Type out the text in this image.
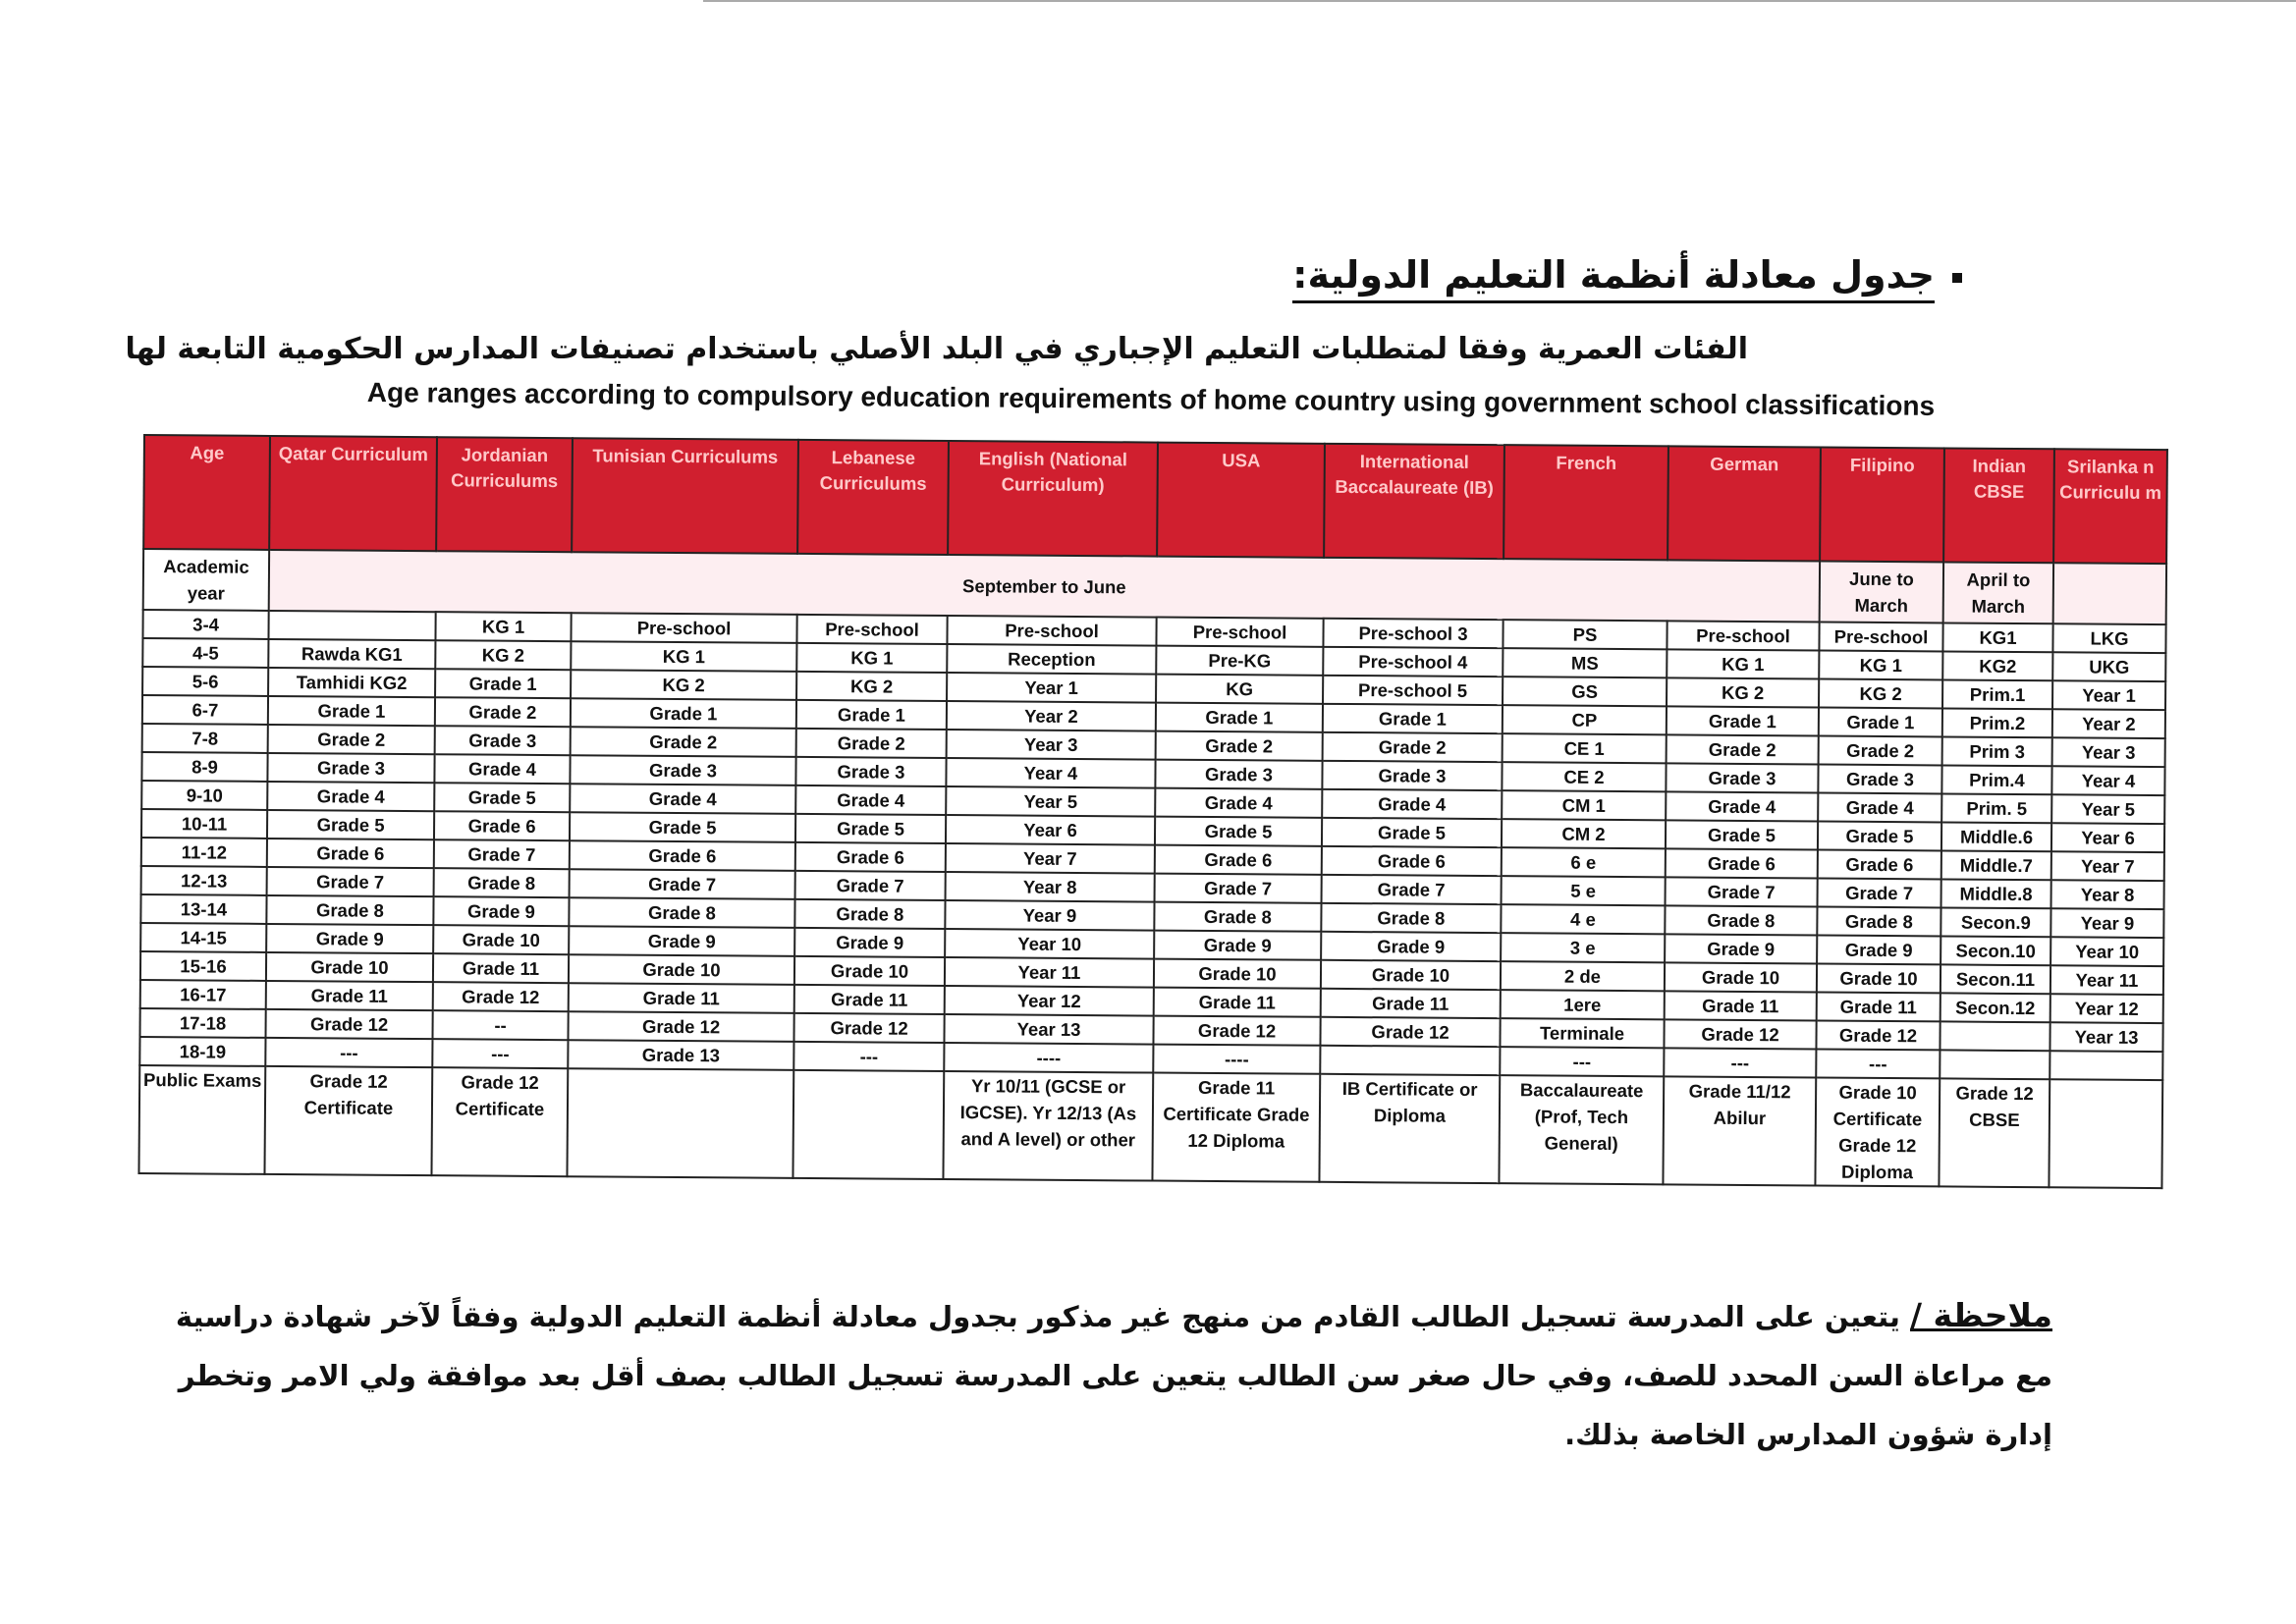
جدول معادلة أنظمة التعليم الدولية:
الفئات العمرية وفقا لمتطلبات التعليم الإجباري في البلد الأصلي باستخدام تصنيفات المدارس الحكومية التابعة لها
Age ranges according to compulsory education requirements of home country using government school classifications
Age	Qatar Curriculum	Jordanian Curriculums	Tunisian Curriculums	Lebanese Curriculums	English (National Curriculum)	USA	International Baccalaureate (IB)	French	German	Filipino	Indian CBSE	Srilanka n Curriculu m
Academic year	September to June									June to March	April to March	
3-4		KG 1	Pre-school	Pre-school	Pre-school	Pre-school	Pre-school 3	PS	Pre-school	Pre-school	KG1	LKG
4-5	Rawda KG1	KG 2	KG 1	KG 1	Reception	Pre-KG	Pre-school 4	MS	KG 1	KG 1	KG2	UKG
5-6	Tamhidi KG2	Grade 1	KG 2	KG 2	Year 1	KG	Pre-school 5	GS	KG 2	KG 2	Prim.1	Year 1
6-7	Grade 1	Grade 2	Grade 1	Grade 1	Year 2	Grade 1	Grade 1	CP	Grade 1	Grade 1	Prim.2	Year 2
7-8	Grade 2	Grade 3	Grade 2	Grade 2	Year 3	Grade 2	Grade 2	CE 1	Grade 2	Grade 2	Prim 3	Year 3
8-9	Grade 3	Grade 4	Grade 3	Grade 3	Year 4	Grade 3	Grade 3	CE 2	Grade 3	Grade 3	Prim.4	Year 4
9-10	Grade 4	Grade 5	Grade 4	Grade 4	Year 5	Grade 4	Grade 4	CM 1	Grade 4	Grade 4	Prim. 5	Year 5
10-11	Grade 5	Grade 6	Grade 5	Grade 5	Year 6	Grade 5	Grade 5	CM 2	Grade 5	Grade 5	Middle.6	Year 6
11-12	Grade 6	Grade 7	Grade 6	Grade 6	Year 7	Grade 6	Grade 6	6 e	Grade 6	Grade 6	Middle.7	Year 7
12-13	Grade 7	Grade 8	Grade 7	Grade 7	Year 8	Grade 7	Grade 7	5 e	Grade 7	Grade 7	Middle.8	Year 8
13-14	Grade 8	Grade 9	Grade 8	Grade 8	Year 9	Grade 8	Grade 8	4 e	Grade 8	Grade 8	Secon.9	Year 9
14-15	Grade 9	Grade 10	Grade 9	Grade 9	Year 10	Grade 9	Grade 9	3 e	Grade 9	Grade 9	Secon.10	Year 10
15-16	Grade 10	Grade 11	Grade 10	Grade 10	Year 11	Grade 10	Grade 10	2 de	Grade 10	Grade 10	Secon.11	Year 11
16-17	Grade 11	Grade 12	Grade 11	Grade 11	Year 12	Grade 11	Grade 11	1ere	Grade 11	Grade 11	Secon.12	Year 12
17-18	Grade 12	--	Grade 12	Grade 12	Year 13	Grade 12	Grade 12	Terminale	Grade 12	Grade 12		Year 13
18-19	---	---	Grade 13	---	----	----		---	---	---		
Public Exams	Grade 12 Certificate	Grade 12 Certificate			Yr 10/11 (GCSE or IGCSE). Yr 12/13 (As and A level) or other	Grade 11 Certificate Grade 12 Diploma	IB Certificate or Diploma	Baccalaureate (Prof, Tech General)	Grade 11/12 Abilur	Grade 10 Certificate Grade 12 Diploma	Grade 12 CBSE	
ملاحظة / يتعين على المدرسة تسجيل الطالب القادم من منهج غير مذكور بجدول معادلة أنظمة التعليم الدولية وفقاً لآخر شهادة دراسية مع مراعاة السن المحدد للصف، وفي حال صغر سن الطالب يتعين على المدرسة تسجيل الطالب بصف أقل بعد موافقة ولي الامر وتخطر إدارة شؤون المدارس الخاصة بذلك.
